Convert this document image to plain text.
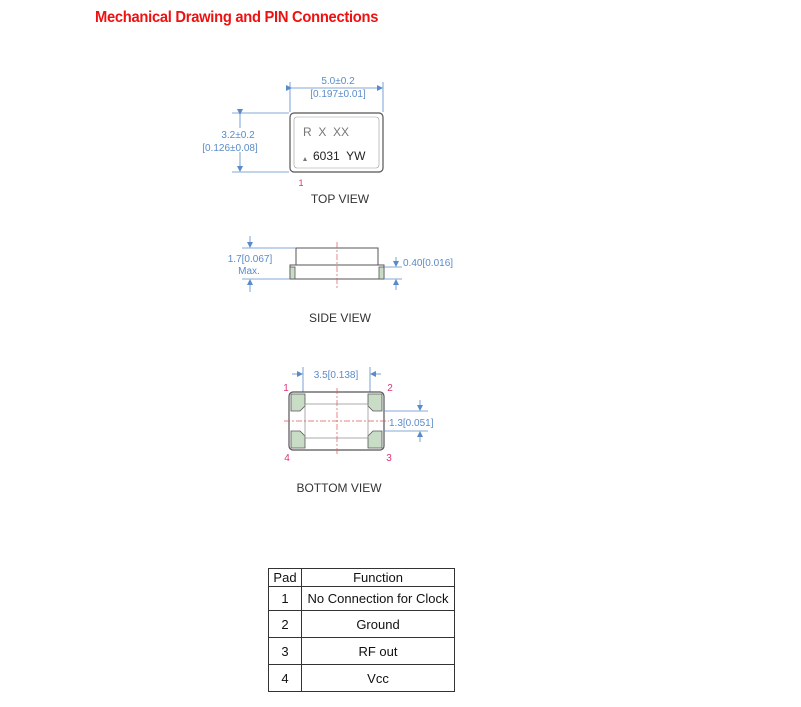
Mechanical Drawing and PIN Connections
5.0±0.2
[0.197±0.01]
3.2±0.2
[0.126±0.08]
R  X  XX
6031  YW
1
TOP VIEW
1.7[0.067]
Max.
0.40[0.016]
SIDE VIEW
3.5[0.138]
1.3[0.051]
1	2
3
4
BOTTOM VIEW
Pad	Function
1	No Connection for Clock
2	Ground
3	RF out
4	Vcc
